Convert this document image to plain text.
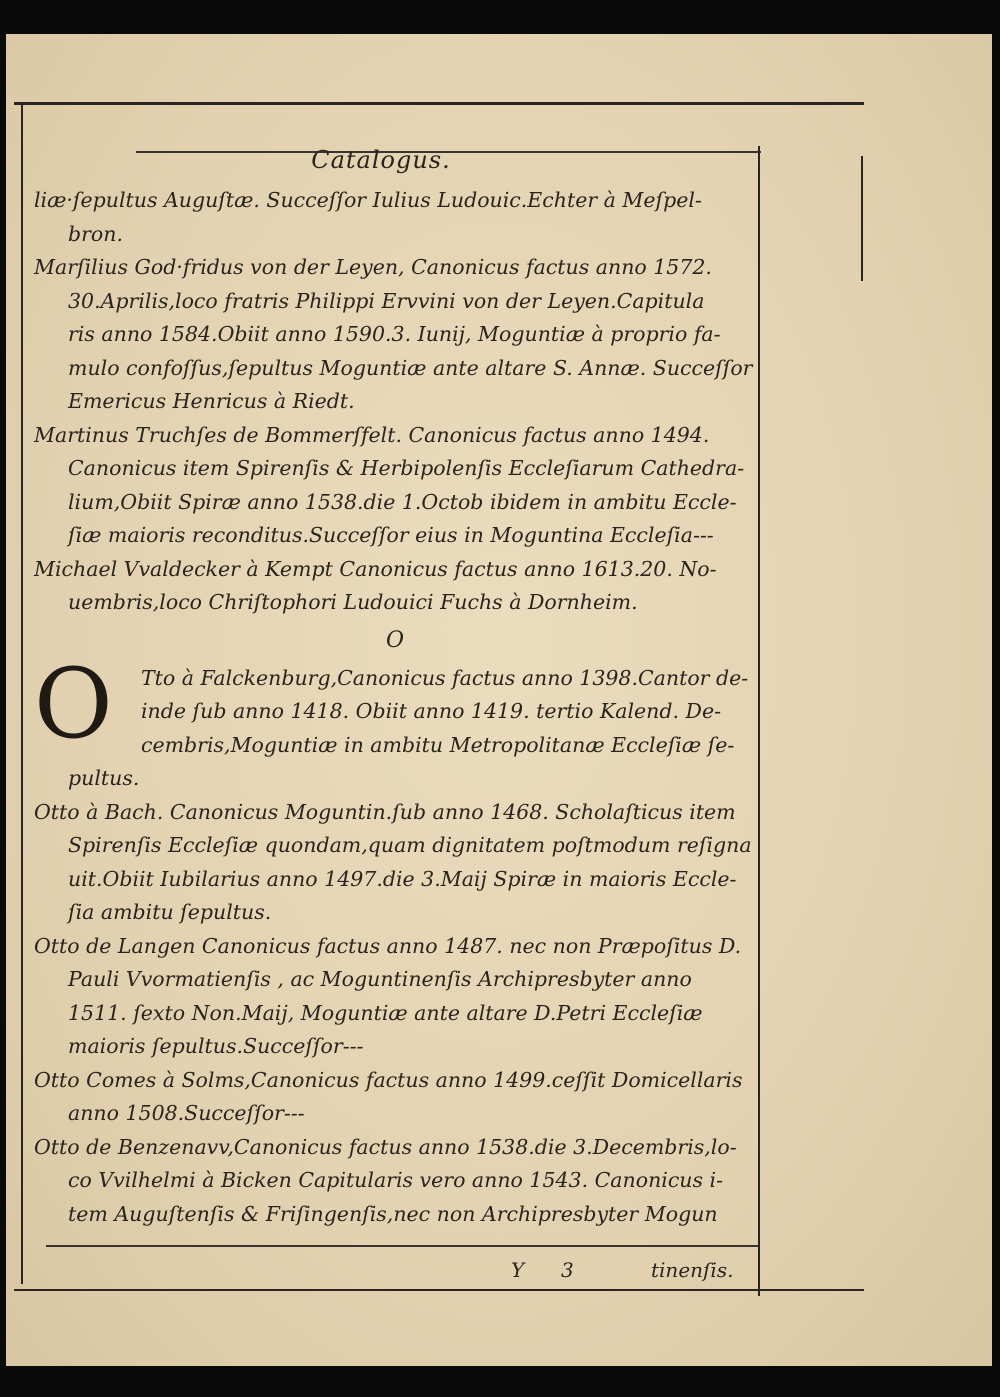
Catalogus.
liæ·ſepultus Auguſtæ. Succeſſor Iulius Ludouic.Echter à Meſpel-
bron.
Marſilius God·fridus von der Leyen, Canonicus factus anno 1572.
30.Aprilis,loco fratris Philippi Ervvini von der Leyen.Capitula
ris anno 1584.Obiit anno 1590.3. Iunij, Moguntiæ à proprio fa-
mulo confoſſus,ſepultus Moguntiæ ante altare S. Annæ. Succeſſor
Emericus Henricus à Riedt.
Martinus Truchſes de Bommerſfelt. Canonicus factus anno 1494.
Canonicus item Spirenſis & Herbipolenſis Eccleſiarum Cathedra-
lium,Obiit Spiræ anno 1538.die 1.Octob ibidem in ambitu Eccle-
ſiæ maioris reconditus.Succeſſor eius in Moguntina Eccleſia---
Michael Vvaldecker à Kempt Canonicus factus anno 1613.20. No-
uembris,loco Chriſtophori Ludouici Fuchs à Dornheim.
O
O	Tto à Falckenburg,Canonicus factus anno 1398.Cantor de-
inde ſub anno 1418. Obiit anno 1419. tertio Kalend. De-
cembris,Moguntiæ in ambitu Metropolitanæ Eccleſiæ ſe-
pultus.
Otto à Bach. Canonicus Moguntin.ſub anno 1468. Scholaſticus item
Spirenſis Eccleſiæ quondam,quam dignitatem poſtmodum reſigna
uit.Obiit Iubilarius anno 1497.die 3.Maij Spiræ in maioris Eccle-
ſia ambitu ſepultus.
Otto de Langen Canonicus factus anno 1487. nec non Præpoſitus D.
Pauli Vvormatienſis , ac Moguntinenſis Archipresbyter anno
1511. ſexto Non.Maij, Moguntiæ ante altare D.Petri Eccleſiæ
maioris ſepultus.Succeſſor---
Otto Comes à Solms,Canonicus factus anno 1499.ceſſit Domicellaris
anno 1508.Succeſſor---
Otto de Benzenavv,Canonicus factus anno 1538.die 3.Decembris,lo-
co Vvilhelmi à Bicken Capitularis vero anno 1543. Canonicus i-
tem Auguſtenſis & Friſingenſis,nec non Archipresbyter Mogun
Y 3	tinenſis.
